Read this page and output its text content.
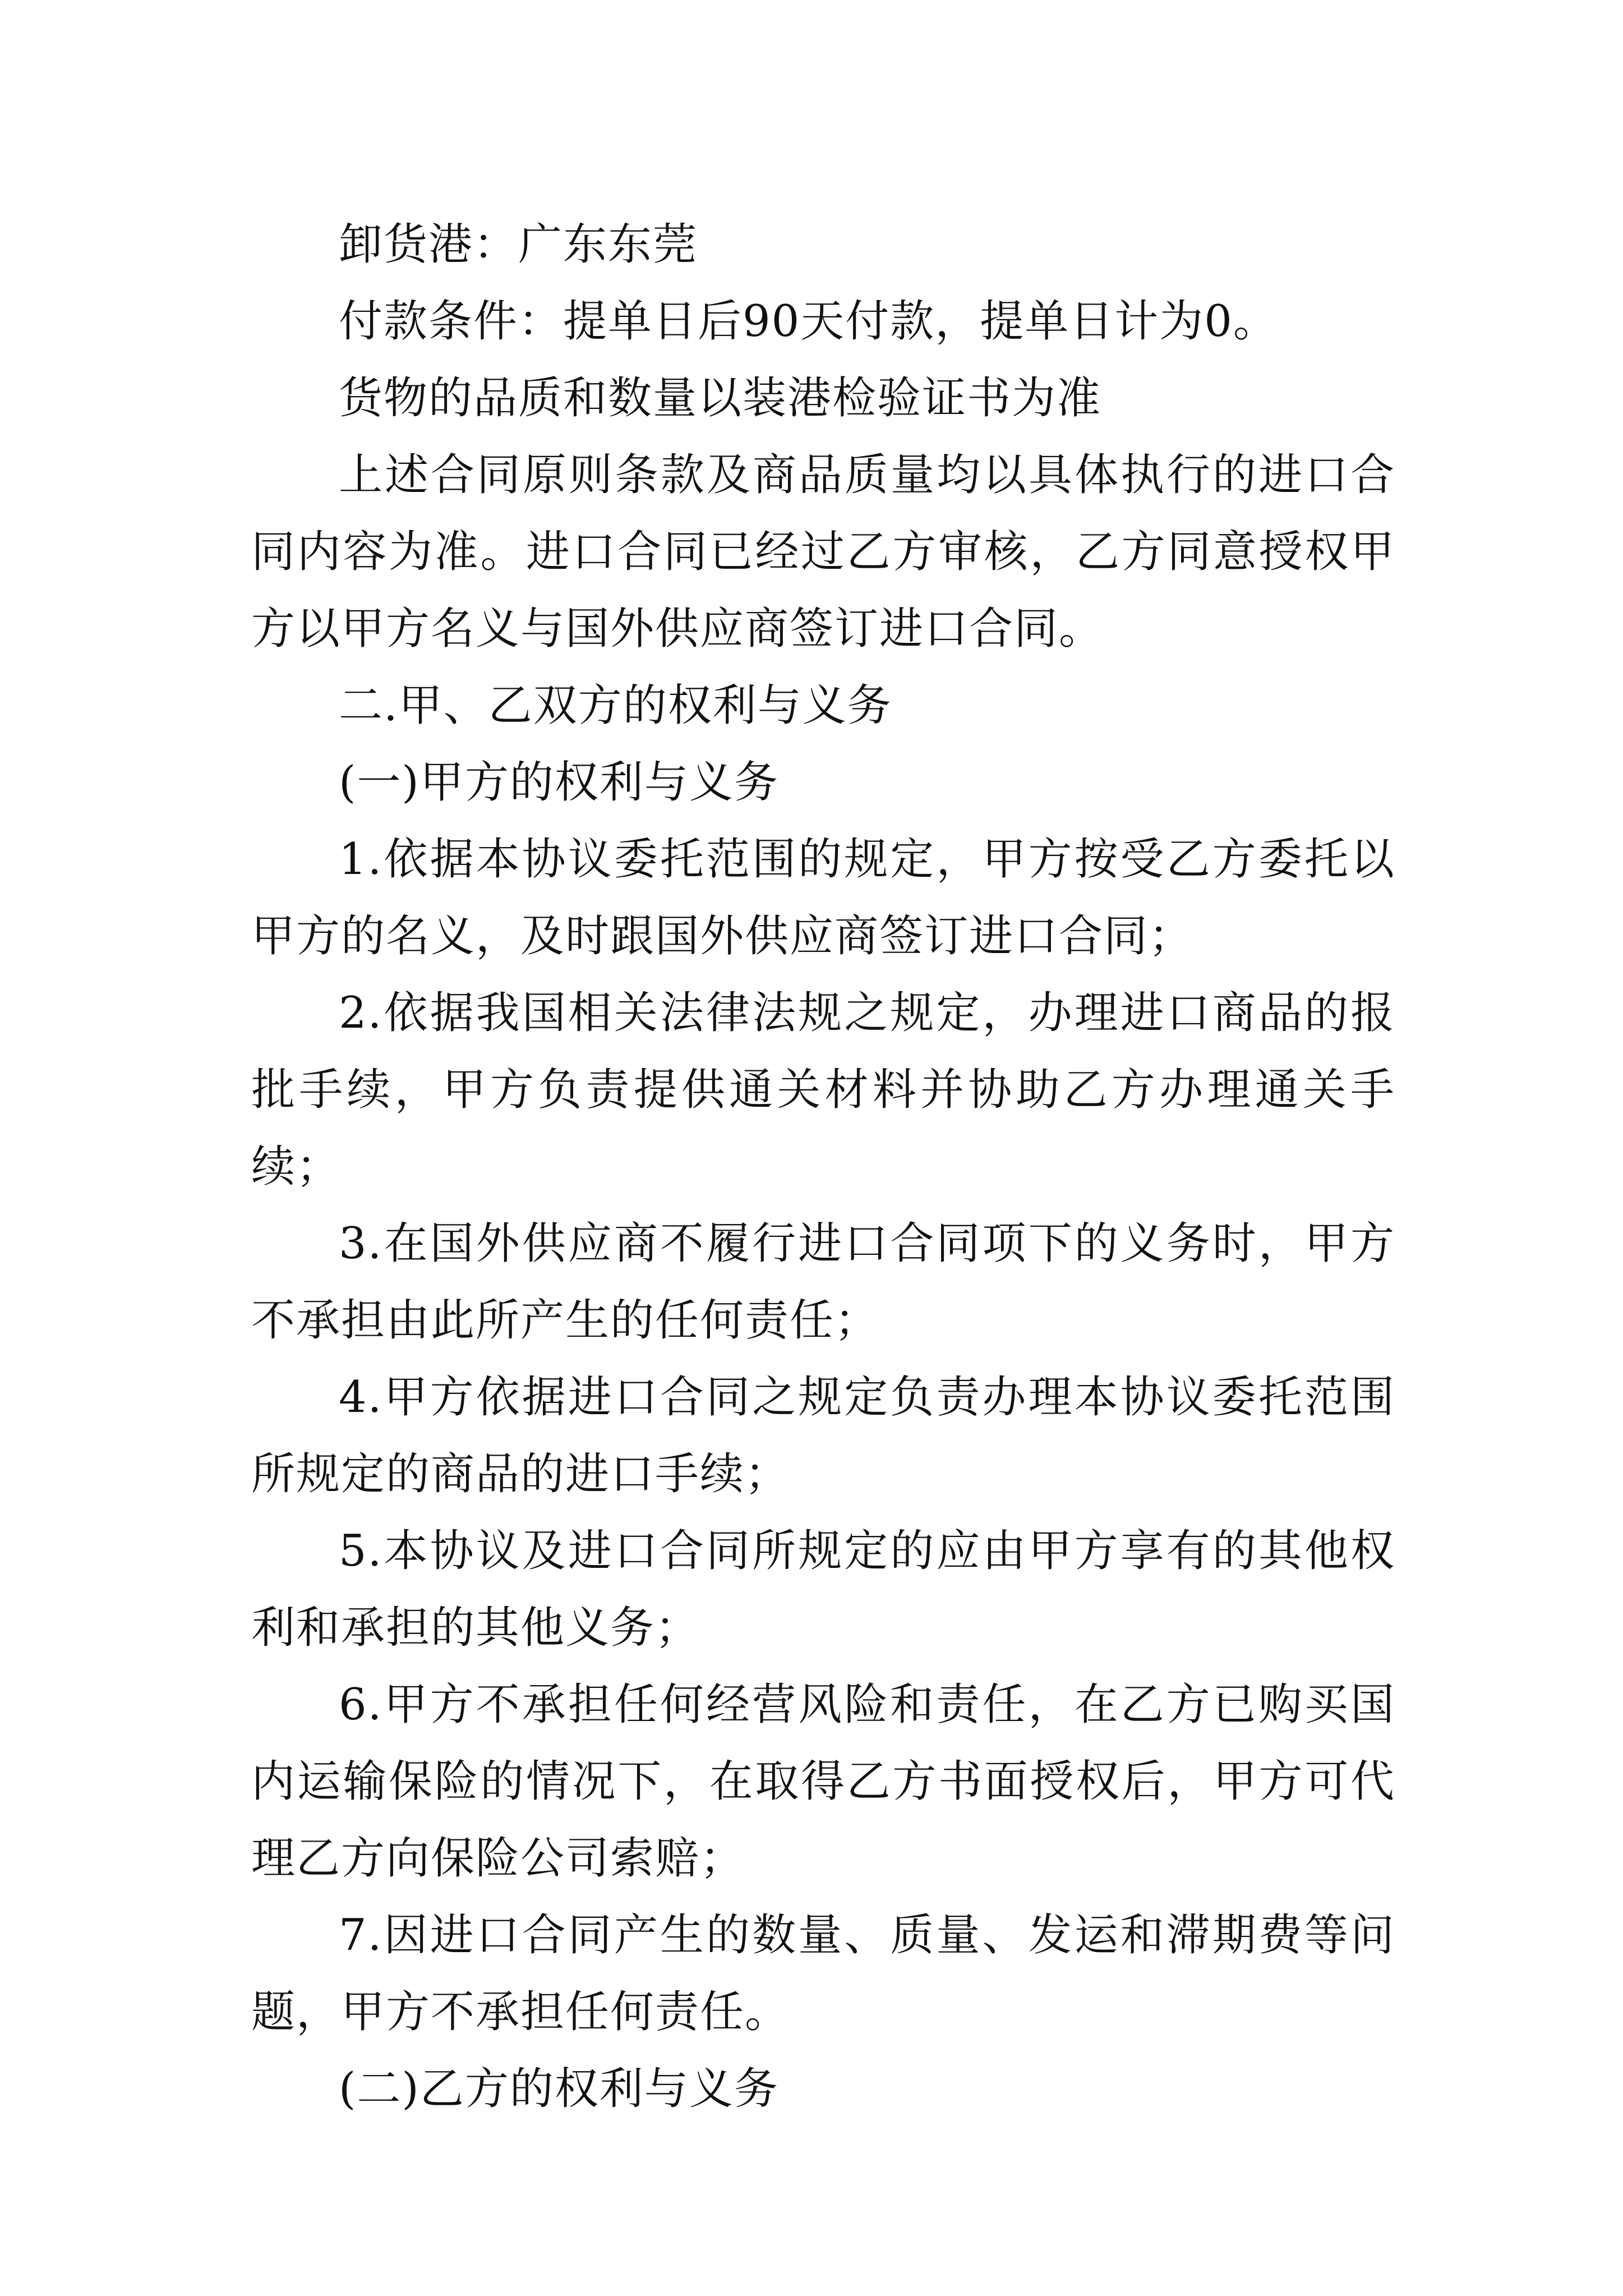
卸货港：广东东莞

付款条件：提单日后90天付款，提单日计为0。

货物的品质和数量以装港检验证书为准

上述合同原则条款及商品质量均以具体执行的进口合同内容为准。进口合同已经过乙方审核，乙方同意授权甲方以甲方名义与国外供应商签订进口合同。

二.甲、乙双方的权利与义务

(一)甲方的权利与义务

1.依据本协议委托范围的规定，甲方按受乙方委托以甲方的名义，及时跟国外供应商签订进口合同；

2.依据我国相关法律法规之规定，办理进口商品的报批手续，甲方负责提供通关材料并协助乙方办理通关手续；

3.在国外供应商不履行进口合同项下的义务时，甲方不承担由此所产生的任何责任；

4.甲方依据进口合同之规定负责办理本协议委托范围所规定的商品的进口手续；

5.本协议及进口合同所规定的应由甲方享有的其他权利和承担的其他义务；

6.甲方不承担任何经营风险和责任，在乙方已购买国内运输保险的情况下，在取得乙方书面授权后，甲方可代理乙方向保险公司索赔；

7.因进口合同产生的数量、质量、发运和滞期费等问题，甲方不承担任何责任。

(二)乙方的权利与义务
